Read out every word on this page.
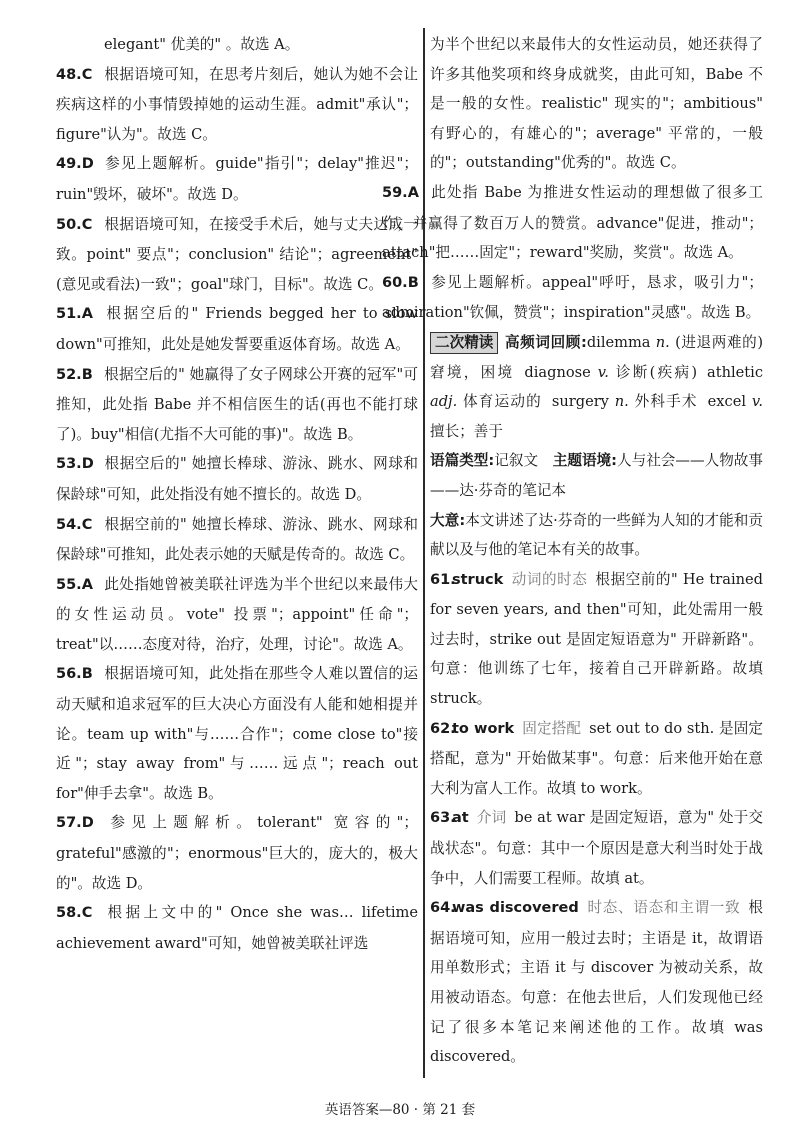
elegant" 优美的" 。故选 A。

48.C 根据语境可知，在思考片刻后，她认为她不会让疾病这样的小事情毁掉她的运动生涯。admit"承认"；figure"认为"。故选 C。

49.D 参见上题解析。guide"指引"；delay"推迟"；ruin"毁坏，破坏"。故选 D。

50.C 根据语境可知，在接受手术后，她与丈夫达成一致。point" 要点"；conclusion" 结论"；agreement"(意见或看法)一致"；goal"球门，目标"。故选 C。

51.A 根据空后的" Friends begged her to slow down"可推知，此处是她发誓要重返体育场。故选 A。

52.B 根据空后的" 她赢得了女子网球公开赛的冠军"可推知，此处指 Babe 并不相信医生的话(再也不能打球了)。buy"相信(尤指不大可能的事)"。故选 B。

53.D 根据空后的" 她擅长棒球、游泳、跳水、网球和保龄球"可知，此处指没有她不擅长的。故选 D。

54.C 根据空前的" 她擅长棒球、游泳、跳水、网球和保龄球"可推知，此处表示她的天赋是传奇的。故选 C。

55.A 此处指她曾被美联社评选为半个世纪以来最伟大的女性运动员。vote" 投票"；appoint"任命"；treat"以……态度对待，治疗，处理，讨论"。故选 A。

56.B 根据语境可知，此处指在那些令人难以置信的运动天赋和追求冠军的巨大决心方面没有人能和她相提并论。team up with"与……合作"；come close to"接近"；stay away from"与……远点"；reach out for"伸手去拿"。故选 B。

57.D 参见上题解析。tolerant" 宽容的"；grateful"感激的"；enormous"巨大的，庞大的，极大的"。故选 D。

58.C 根据上文中的" Once she was… lifetime achievement award"可知，她曾被美联社评选

为半个世纪以来最伟大的女性运动员，她还获得了许多其他奖项和终身成就奖，由此可知，Babe 不是一般的女性。realistic" 现实的"；ambitious" 有野心的，有雄心的"；average" 平常的，一般的"；outstanding"优秀的"。故选 C。

59.A 此处指 Babe 为推进女性运动的理想做了很多工作，并赢得了数百万人的赞赏。advance"促进，推动"；attach"把……固定"；reward"奖励，奖赏"。故选 A。

60.B 参见上题解析。appeal"呼吁，恳求，吸引力"；admiration"钦佩，赞赏"；inspiration"灵感"。故选 B。

二次精读 高频词回顾:dilemma n. (进退两难的)窘境，困境 diagnose v. 诊断(疾病) athletic adj. 体育运动的 surgery n. 外科手术 excel v. 擅长；善于

语篇类型:记叙文 主题语境:人与社会——人物故事——达·芬奇的笔记本

大意:本文讲述了达·芬奇的一些鲜为人知的才能和贡献以及与他的笔记本有关的故事。

61.struck 动词的时态 根据空前的" He trained for seven years, and then"可知，此处需用一般过去时，strike out 是固定短语意为" 开辟新路"。句意：他训练了七年，接着自己开辟新路。故填 struck。

62.to work 固定搭配 set out to do sth. 是固定搭配，意为" 开始做某事"。句意：后来他开始在意大利为富人工作。故填 to work。

63.at 介词 be at war 是固定短语，意为" 处于交战状态"。句意：其中一个原因是意大利当时处于战争中，人们需要工程师。故填 at。

64.was discovered 时态、语态和主谓一致 根据语境可知，应用一般过去时；主语是 it，故谓语用单数形式；主语 it 与 discover 为被动关系，故用被动语态。句意：在他去世后，人们发现他已经记了很多本笔记来阐述他的工作。故填 was discovered。

英语答案—80 · 第 21 套
